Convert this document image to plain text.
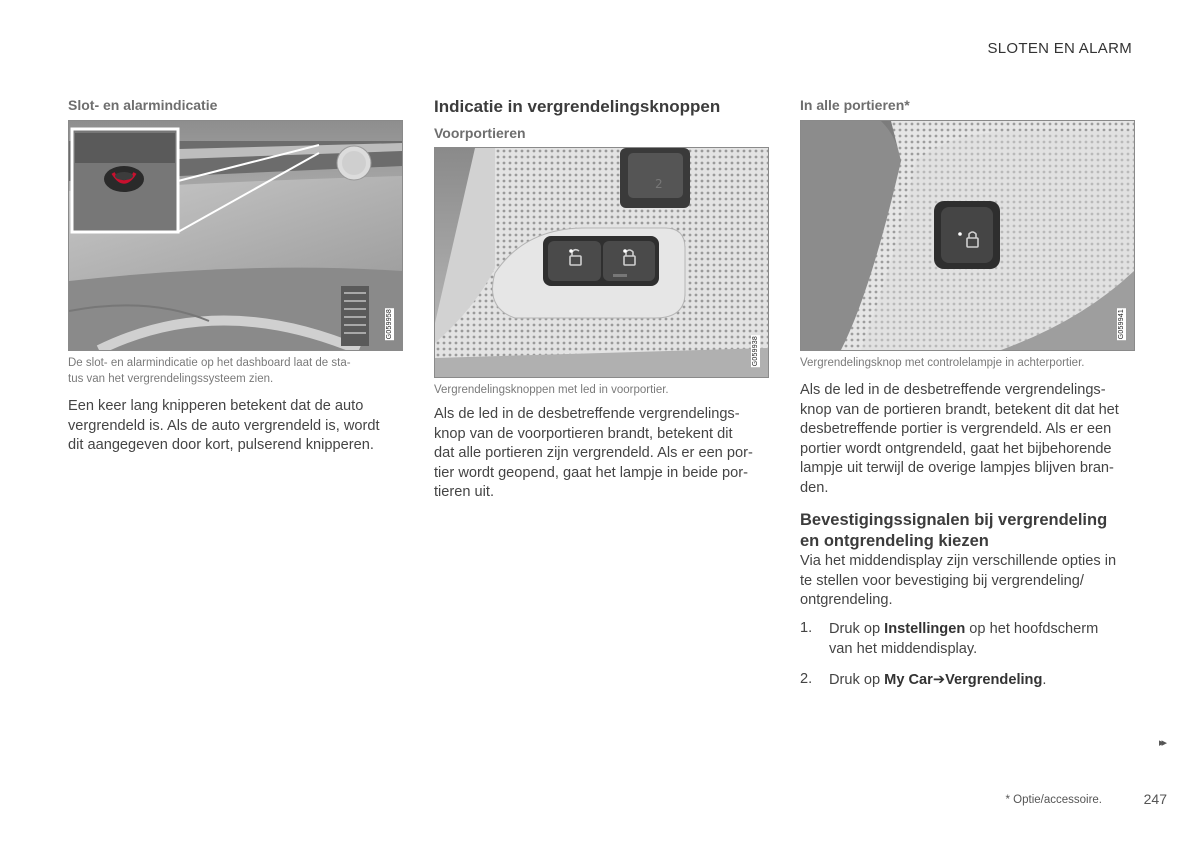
SLOTEN EN ALARM
Slot- en alarmindicatie
G059958
De slot- en alarmindicatie op het dashboard laat de sta-
tus van het vergrendelingssysteem zien.
Een keer lang knipperen betekent dat de auto
vergrendeld is. Als de auto vergrendeld is, wordt
dit aangegeven door kort, pulserend knipperen.
Indicatie in vergrendelingsknoppen
Voorportieren
2
G059938
Vergrendelingsknoppen met led in voorportier.
Als de led in de desbetreffende vergrendelings-
knop van de voorportieren brandt, betekent dit
dat alle portieren zijn vergrendeld. Als er een por-
tier wordt geopend, gaat het lampje in beide por-
tieren uit.
In alle portieren*
G059941
Vergrendelingsknop met controlelampje in achterportier.
Als de led in de desbetreffende vergrendelings-
knop van de portieren brandt, betekent dit dat het
desbetreffende portier is vergrendeld. Als er een
portier wordt ontgrendeld, gaat het bijbehorende
lampje uit terwijl de overige lampjes blijven bran-
den.
Bevestigingssignalen bij vergrendeling
en ontgrendeling kiezen
Via het middendisplay zijn verschillende opties in
te stellen voor bevestiging bij vergrendeling/
ontgrendeling.
1. Druk op Instellingen op het hoofdscherm
van het middendisplay.
2. Druk op My Car➔Vergrendeling.
▸▸
* Optie/accessoire.	247
